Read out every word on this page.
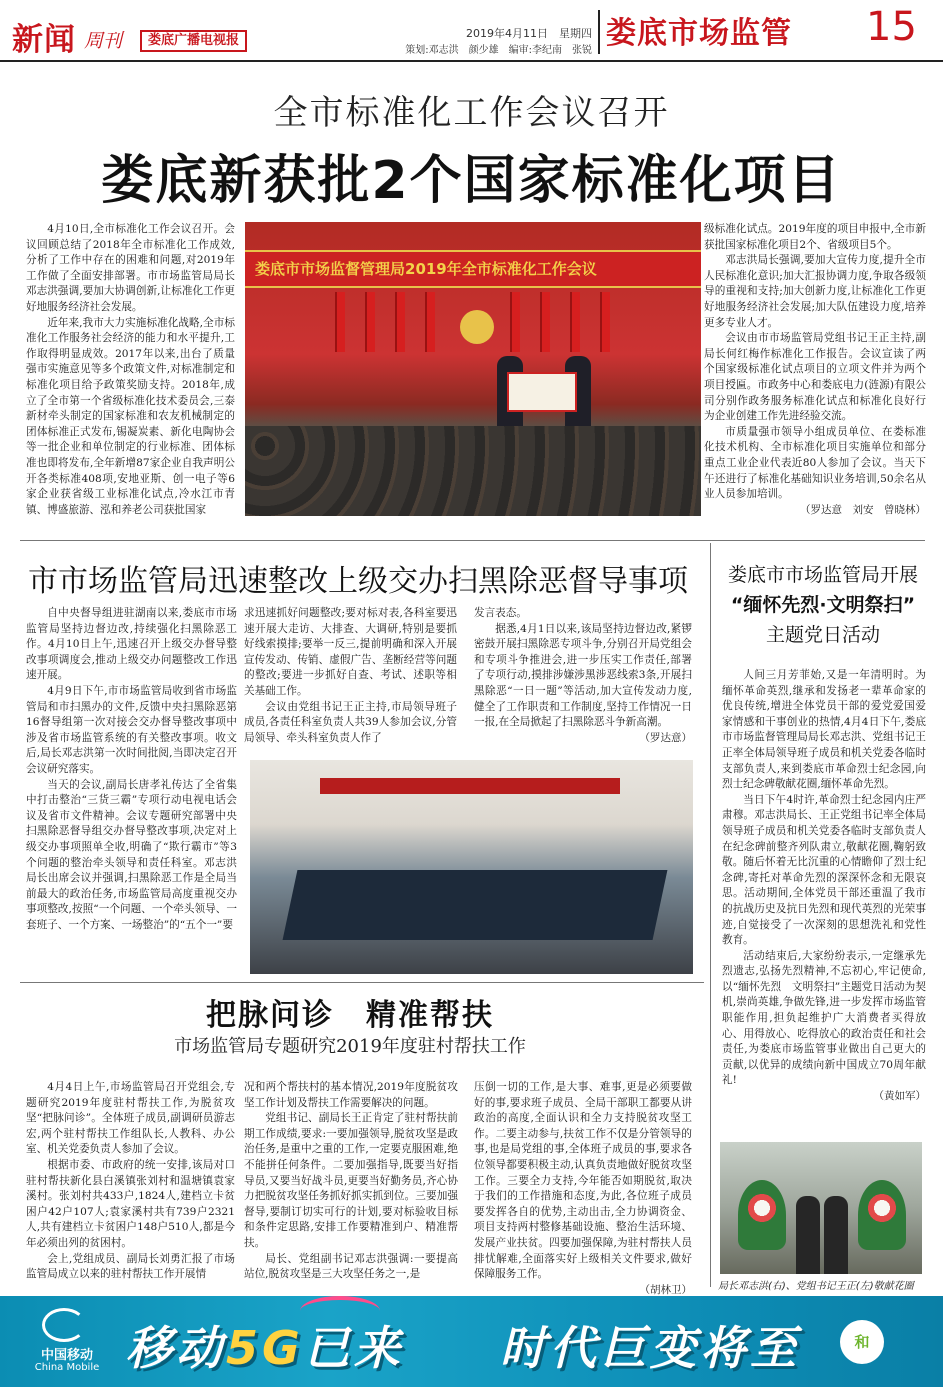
新闻 周刊	娄底广播电视报	2019年4月11日　星期四
策划:邓志洪　颜少雄　编审:李纪南　张锐 娄底市场监管 15
全市标准化工作会议召开
娄底新获批2个国家标准化项目

4月10日,全市标准化工作会议召开。会议回顾总结了2018年全市标准化工作成效,分析了工作中存在的困难和问题,对2019年工作做了全面安排部署。市市场监管局局长邓志洪强调,要加大协调创新,让标准化工作更好地服务经济社会发展。

近年来,我市大力实施标准化战略,全市标准化工作服务社会经济的能力和水平提升,工作取得明显成效。2017年以来,出台了质量强市实施意见等多个政策文件,对标准制定和标准化项目给予政策奖励支持。2018年,成立了全市第一个省级标准化技术委员会,三泰新材牵头制定的国家标准和农友机械制定的团体标准正式发布,锡凝炭素、新化电陶协会等一批企业和单位制定的行业标准、团体标准也即将发布,全年新增87家企业自我声明公开各类标准408项,安地亚斯、创一电子等6家企业获省级工业标准化试点,冷水江市青镇、博盛旅游、泓和养老公司获批国家

娄底市市场监督管理局2019年全市标准化工作会议

级标准化试点。2019年度的项目申报中,全市新获批国家标准化项目2个、省级项目5个。

邓志洪局长强调,要加大宣传力度,提升全市人民标准化意识;加大汇报协调力度,争取各级领导的重视和支持;加大创新力度,让标准化工作更好地服务经济社会发展;加大队伍建设力度,培养更多专业人才。

会议由市市场监管局党组书记王正主持,副局长何红梅作标准化工作报告。会议宣读了两个国家级标准化试点项目的立项文件并为两个项目授匾。市政务中心和娄底电力(涟源)有限公司分别作政务服务标准化试点和标准化良好行为企业创建工作先进经验交流。

市质量强市领导小组成员单位、在娄标准化技术机构、全市标准化项目实施单位和部分重点工业企业代表近80人参加了会议。当天下午还进行了标准化基础知识业务培训,50余名从业人员参加培训。

（罗达意　刘安　曾晓林）
市市场监管局迅速整改上级交办扫黑除恶督导事项

自中央督导组进驻湖南以来,娄底市市场监管局坚持边督边改,持续强化扫黑除恶工作。4月10日上午,迅速召开上级交办督导整改事项调度会,推动上级交办问题整改工作迅速开展。

4月9日下午,市市场监管局收到省市场监管局和市扫黑办的文件,反馈中央扫黑除恶第16督导组第一次对接会交办督导整改事项中涉及省市场监管系统的有关整改事项。收文后,局长邓志洪第一次时间批阅,当即决定召开会议研究落实。

当天的会议,副局长唐孝礼传达了全省集中打击整治“三货三霸”专项行动电视电话会议及省市文件精神。会议专题研究部署中央扫黑除恶督导组交办督导整改事项,决定对上级交办事项照单全收,明确了“欺行霸市”等3个问题的整治牵头领导和责任科室。邓志洪局长出席会议并强调,扫黑除恶工作是全局当前最大的政治任务,市场监管局高度重视交办事项整改,按照“一个问题、一个牵头领导、一套班子、一个方案、一场整治”的“五个一”要

求迅速抓好问题整改;要对标对表,各科室要迅速开展大走访、大排查、大调研,特别是要抓好线索摸排;要举一反三,提前明确和深入开展宣传发动、传销、虚假广告、垄断经营等问题的整改;要进一步抓好自查、考试、述职等相关基础工作。

会议由党组书记王正主持,市局领导班子成员,各责任科室负责人共39人参加会议,分管局领导、牵头科室负责人作了

发言表态。

据悉,4月1日以来,该局坚持边督边改,紧锣密鼓开展扫黑除恶专项斗争,分别召开局党组会和专项斗争推进会,进一步压实工作责任,部署了专项行动,摸排涉嫌涉黑涉恶线索3条,开展扫黑除恶“一日一题”等活动,加大宣传发动力度,健全了工作职责和工作制度,坚持工作情况一日一报,在全局掀起了扫黑除恶斗争新高潮。

（罗达意）
娄底市市场监管局开展
“缅怀先烈·文明祭扫”
主题党日活动

人间三月芳菲始,又是一年清明时。为缅怀革命英烈,继承和发扬老一辈革命家的优良传统,增进全体党员干部的爱党爱国爱家情感和干事创业的热情,4月4日下午,娄底市市场监督管理局局长邓志洪、党组书记王正率全体局领导班子成员和机关党委各临时支部负责人,来到娄底市革命烈士纪念园,向烈士纪念碑敬献花圈,缅怀革命先烈。

当日下午4时许,革命烈士纪念园内庄严肃穆。邓志洪局长、王正党组书记率全体局领导班子成员和机关党委各临时支部负责人在纪念碑前整齐列队肃立,敬献花圈,鞠躬致敬。随后怀着无比沉重的心情瞻仰了烈士纪念碑,寄托对革命先烈的深深怀念和无限哀思。活动期间,全体党员干部还重温了我市的抗战历史及抗日先烈和现代英烈的光荣事迹,自觉接受了一次深刻的思想洗礼和党性教育。

活动结束后,大家纷纷表示,一定继承先烈遗志,弘扬先烈精神,不忘初心,牢记使命,以“缅怀先烈　文明祭扫”主题党日活动为契机,崇尚英雄,争做先锋,进一步发挥市场监管职能作用,担负起维护广大消费者买得放心、用得放心、吃得放心的政治责任和社会责任,为娄底市场监管事业做出自己更大的贡献,以优异的成绩向新中国成立70周年献礼!

（黄如军）
局长邓志洪(右)、党组书记王正(左)敬献花圈
把脉问诊　精准帮扶
市场监管局专题研究2019年度驻村帮扶工作

4月4日上午,市场监管局召开党组会,专题研究2019年度驻村帮扶工作,为脱贫攻坚“把脉问诊”。全体班子成员,副调研员游志宏,两个驻村帮扶工作组队长,人教科、办公室、机关党委负责人参加了会议。

根据市委、市政府的统一安排,该局对口驻村帮扶新化县白溪镇张刘村和温塘镇袁家溪村。张刘村共433户,1824人,建档立卡贫困户42户107人;袁家溪村共有739户2321人,共有建档立卡贫困户148户510人,都是今年必须出列的贫困村。

会上,党组成员、副局长刘勇汇报了市场监管局成立以来的驻村帮扶工作开展情

况和两个帮扶村的基本情况,2019年度脱贫攻坚工作计划及帮扶工作需要解决的问题。

党组书记、副局长王正肯定了驻村帮扶前期工作成绩,要求:一要加强领导,脱贫攻坚是政治任务,是重中之重的工作,一定要克服困难,绝不能拼任何条件。二要加强指导,既要当好指导员,又要当好战斗员,更要当好勤务员,齐心协力把脱贫攻坚任务抓好抓实抓到位。三要加强督导,要制订切实可行的计划,要对标验收目标和条件定思路,安排工作要精准到户、精准帮扶。

局长、党组副书记邓志洪强调:一要提高站位,脱贫攻坚是三大攻坚任务之一,是

压倒一切的工作,是大事、难事,更是必须要做好的事,要求班子成员、全局干部职工都要从讲政治的高度,全面认识和全力支持脱贫攻坚工作。二要主动参与,扶贫工作不仅是分管领导的事,也是局党组的事,全体班子成员的事,要求各位领导都要积极主动,认真负责地做好脱贫攻坚工作。三要全力支持,今年能否如期脱贫,取决于我们的工作措施和态度,为此,各位班子成员要发挥各自的优势,主动出击,全力协调资金、项目支持两村整修基础设施、整治生活环境、发展产业扶贫。四要加强保障,为驻村帮扶人员排忧解难,全面落实好上级相关文件要求,做好保障服务工作。

（胡林卫）
中国移动
China Mobile 移动5G已来 时代巨变将至	和
